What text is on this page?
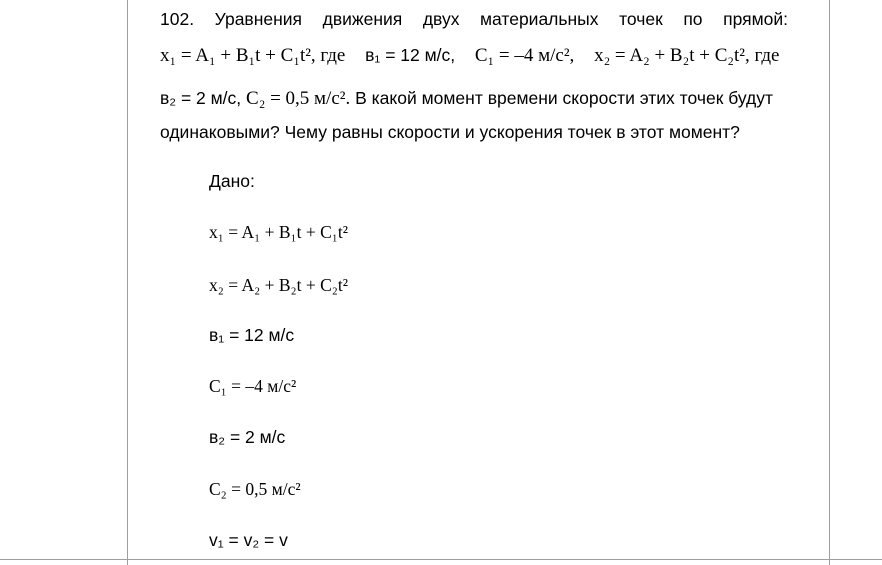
102. Уравнения движения двух материальных точек по прямой:
x₁ = A₁ + B₁t + C₁t², где в₁ = 12 м/с, C₁ = –4 м/с², x₂ = A₂ + B₂t + C₂t², где
в₂ = 2 м/с, C₂ = 0,5 м/с². В какой момент времени скорости этих точек будут
одинаковыми? Чему равны скорости и ускорения точек в этот момент?
Дано:
x₁ = A₁ + B₁t + C₁t²
x₂ = A₂ + B₂t + C₂t²
в₁ = 12 м/с
C₁ = –4 м/с²
в₂ = 2 м/с
C₂ = 0,5 м/с²
v₁ = v₂ = v
